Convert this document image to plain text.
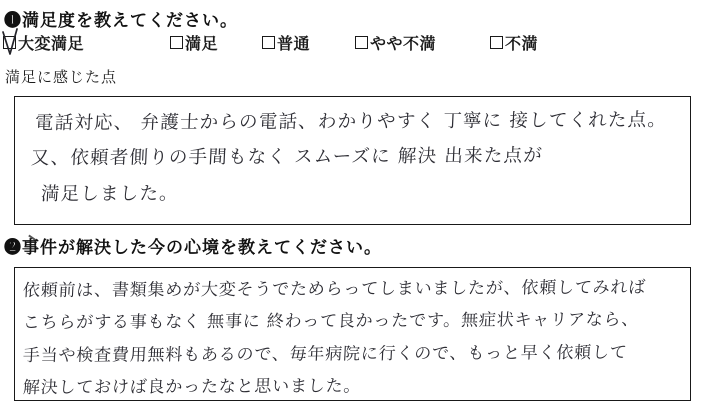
❶満足度を教えてください。
大変満足	満足	普通	やや不満	不満
満足に感じた点
電話対応、 弁護士からの電話、わかりやすく 丁寧に 接してくれた点。
又、依頼者側りの手間もなく スムーズに 解決 出来た点が
満足しました。
❷事件が解決した今の心境を教えてください。
依頼前は、書類集めが大変そうでためらってしまいましたが、依頼してみれば
こちらがする事もなく 無事に 終わって良かったです。無症状キャリアなら、
手当や検査費用無料もあるので、毎年病院に行くので、もっと早く依頼して
解決しておけば良かったなと思いました。
